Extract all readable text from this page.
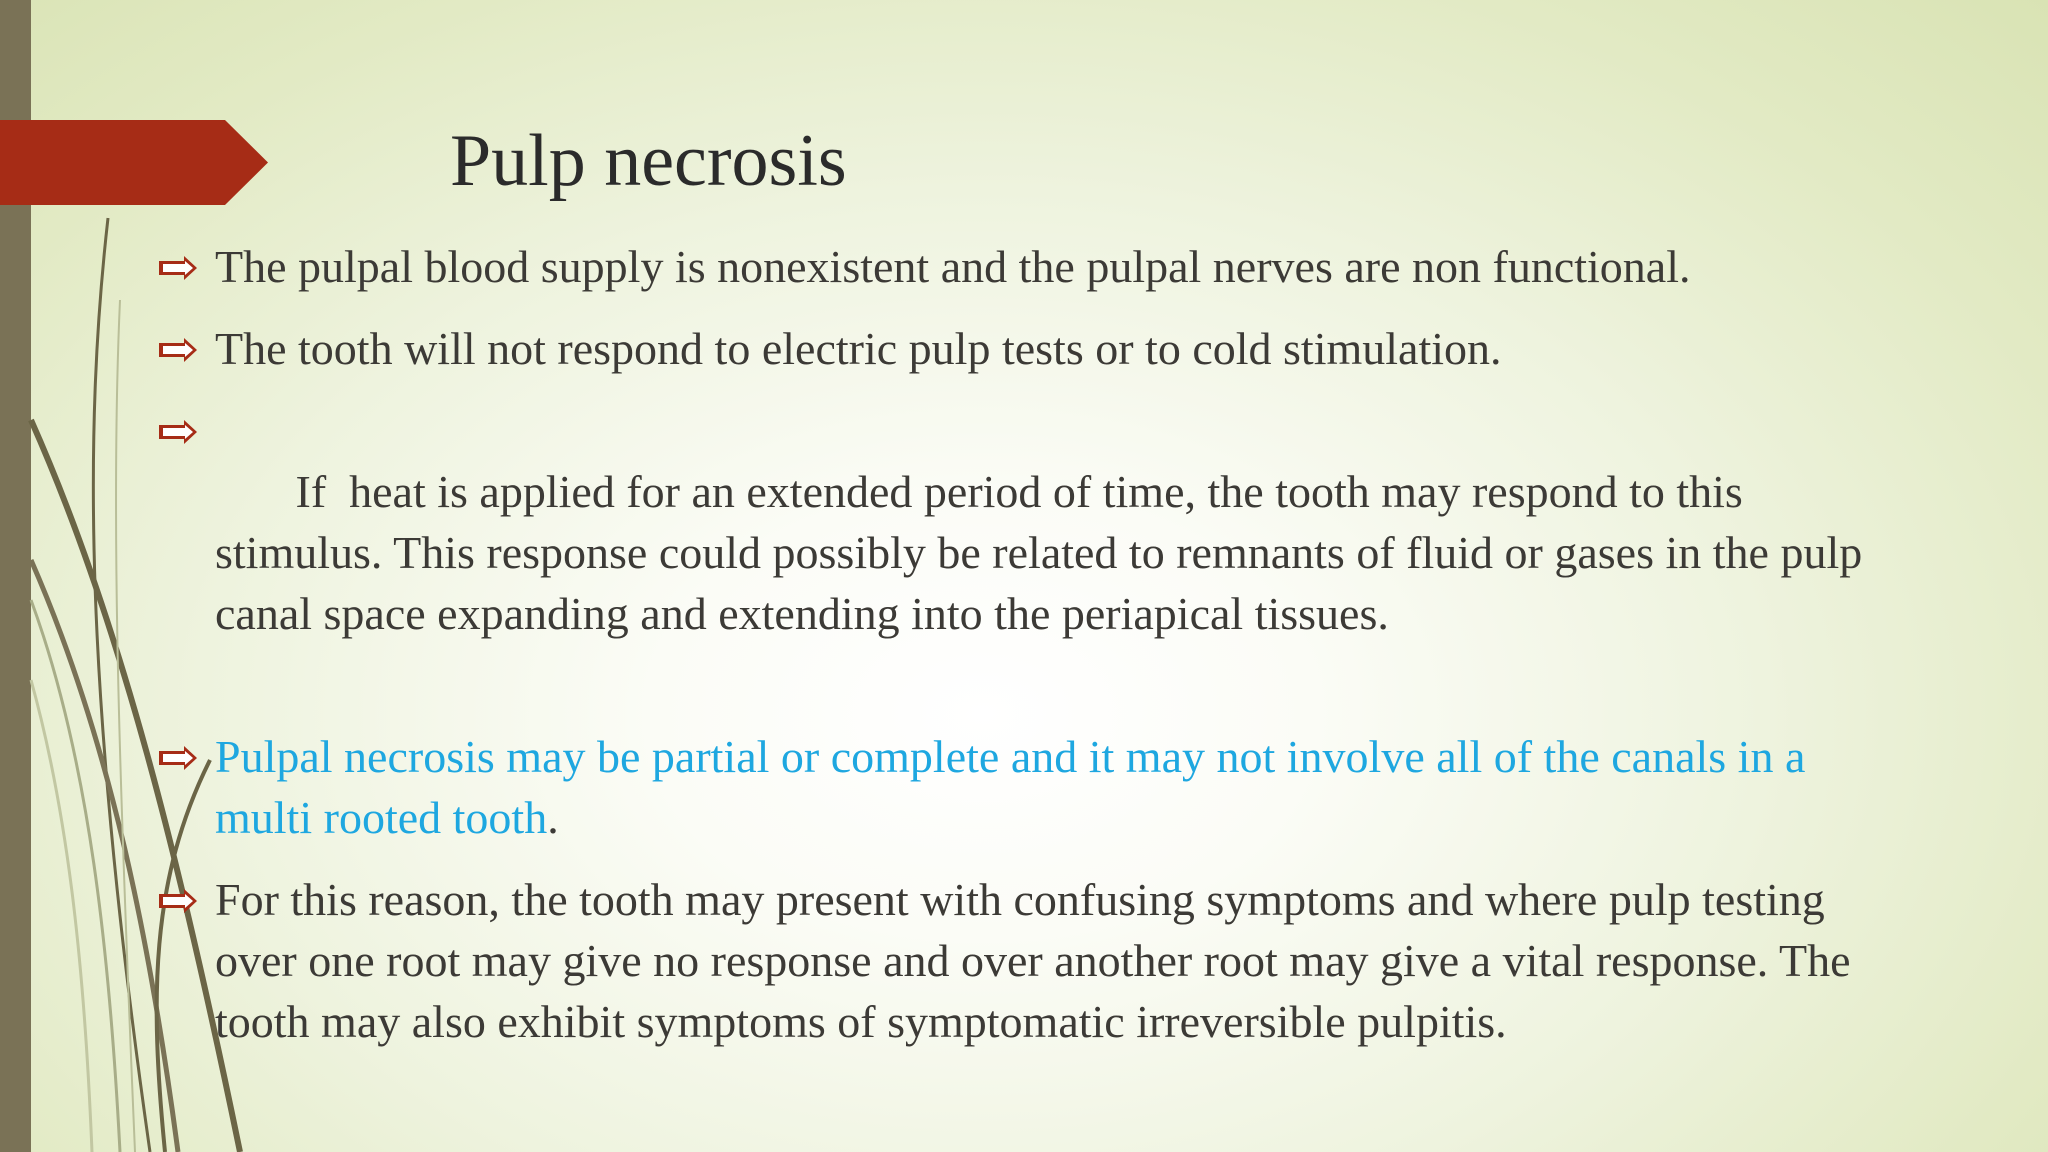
Pulp necrosis
The pulpal blood supply is nonexistent and the pulpal nerves are non functional.
The tooth will not respond to electric pulp tests or to cold stimulation.

If  heat is applied for an extended period of time, the tooth may respond to this stimulus. This response could possibly be related to remnants of fluid or gases in the pulp canal space expanding and extending into the periapical tissues.

Pulpal necrosis may be partial or complete and it may not involve all of the canals in a multi rooted tooth.
For this reason, the tooth may present with confusing symptoms and where pulp testing over one root may give no response and over another root may give a vital response. The tooth may also exhibit symptoms of symptomatic irreversible pulpitis.
